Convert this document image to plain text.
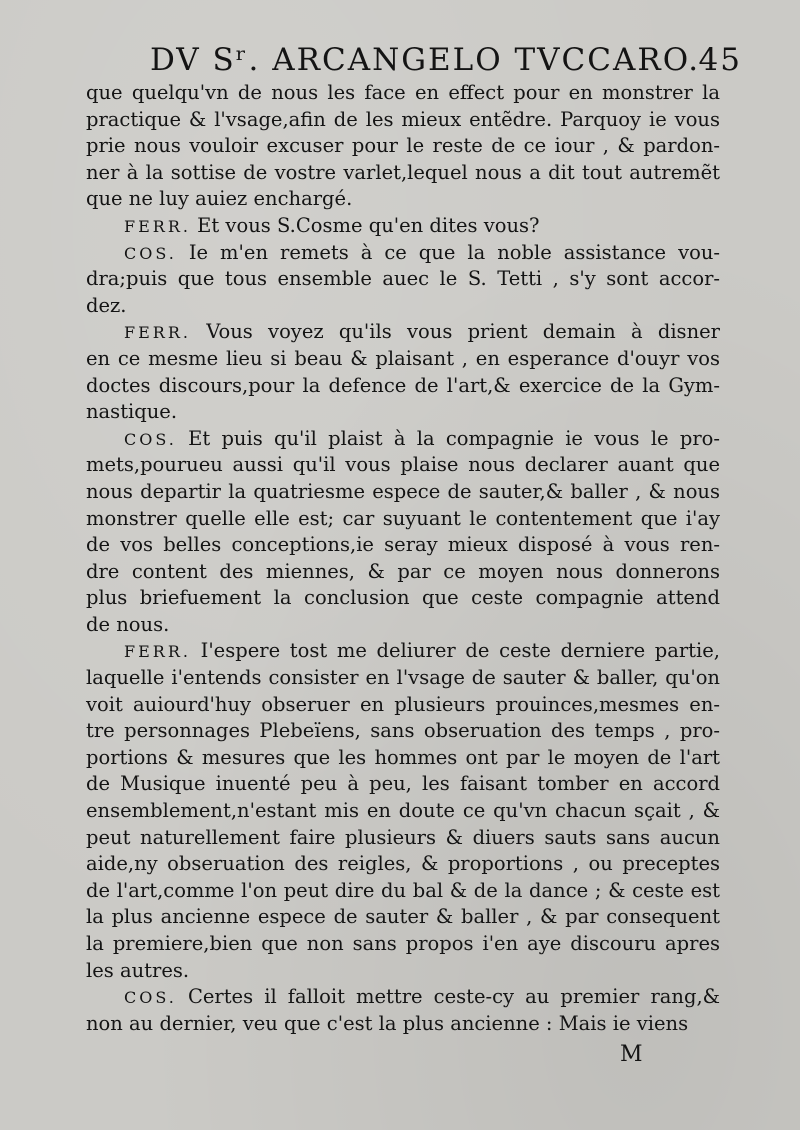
DV Sʳ. ARCANGELO TVCCARO.
45
que quelqu'vn de nous les face en effect pour en monstrer la
practique & l'vsage,afin de les mieux entẽdre. Parquoy ie vous
prie nous vouloir excuser pour le reste de ce iour , & pardon-
ner à la sottise de vostre varlet,lequel nous a dit tout autremẽt
que ne luy auiez enchargé.
FERR. Et vous S.Cosme qu'en dites vous?
COS. Ie m'en remets à ce que la noble assistance vou-
dra;puis que tous ensemble auec le S. Tetti , s'y sont accor-
dez.
FERR. Vous voyez qu'ils vous prient demain à disner
en ce mesme lieu si beau & plaisant , en esperance d'ouyr vos
doctes discours,pour la defence de l'art,& exercice de la Gym-
nastique.
COS. Et puis qu'il plaist à la compagnie ie vous le pro-
mets,pourueu aussi qu'il vous plaise nous declarer auant que
nous departir la quatriesme espece de sauter,& baller , & nous
monstrer quelle elle est; car suyuant le contentement que i'ay
de vos belles conceptions,ie seray mieux disposé à vous ren-
dre content des miennes, & par ce moyen nous donnerons
plus briefuement la conclusion que ceste compagnie attend
de nous.
FERR. I'espere tost me deliurer de ceste derniere partie,
laquelle i'entends consister en l'vsage de sauter & baller, qu'on
voit auiourd'huy obseruer en plusieurs prouinces,mesmes en-
tre personnages Plebeïens, sans obseruation des temps , pro-
portions & mesures que les hommes ont par le moyen de l'art
de Musique inuenté peu à peu, les faisant tomber en accord
ensemblement,n'estant mis en doute ce qu'vn chacun sçait , &
peut naturellement faire plusieurs & diuers sauts sans aucun
aide,ny obseruation des reigles, & proportions , ou preceptes
de l'art,comme l'on peut dire du bal & de la dance ; & ceste est
la plus ancienne espece de sauter & baller , & par consequent
la premiere,bien que non sans propos i'en aye discouru apres
les autres.
COS. Certes il falloit mettre ceste-cy au premier rang,&
non au dernier, veu que c'est la plus ancienne : Mais ie viens
M
